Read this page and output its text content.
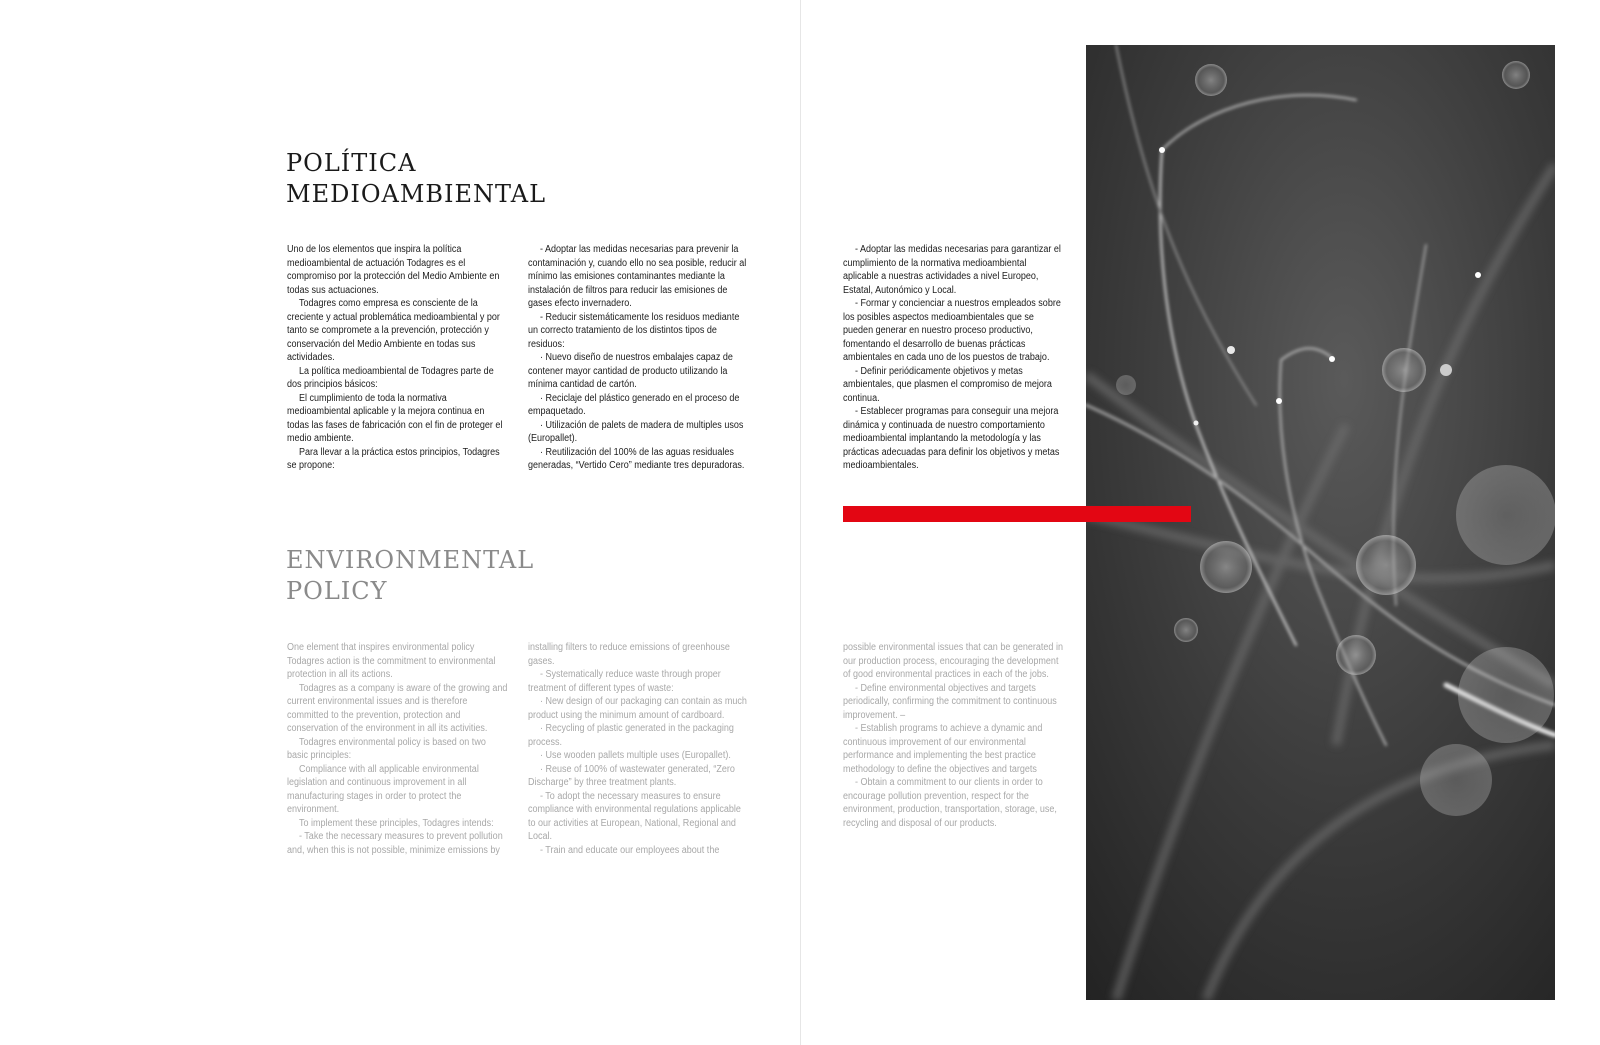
POLÍTICA
MEDIOAMBIENTAL

Uno de los elementos que inspira la política medioambiental de actuación Todagres es el compromiso por la protección del Medio Ambiente en todas sus actuaciones.

Todagres como empresa es consciente de la creciente y actual problemática medioambiental y por tanto se compromete a la prevención, protección y conservación del Medio Ambiente en todas sus actividades.

La política medioambiental de Todagres parte de dos principios básicos:

El cumplimiento de toda la normativa medioambiental aplicable y la mejora continua en todas las fases de fabricación con el fin de proteger el medio ambiente.

Para llevar a la práctica estos principios, Todagres se propone:

- Adoptar las medidas necesarias para prevenir la contaminación y, cuando ello no sea posible, reducir al mínimo las emisiones contaminantes mediante la instalación de filtros para reducir las emisiones de gases efecto invernadero.

- Reducir sistemáticamente los residuos mediante un correcto tratamiento de los distintos tipos de residuos:

· Nuevo diseño de nuestros embalajes capaz de contener mayor cantidad de producto utilizando la mínima cantidad de cartón.

· Reciclaje del plástico generado en el proceso de empaquetado.

· Utilización de palets de madera de multiples usos (Europallet).

· Reutilización del 100% de las aguas residuales generadas, “Vertido Cero” mediante tres depuradoras.

- Adoptar las medidas necesarias para garantizar el cumplimiento de la normativa medioambiental aplicable a nuestras actividades a nivel Europeo, Estatal, Autonómico y Local.

- Formar y concienciar a nuestros empleados sobre los posibles aspectos medioambientales que se pueden generar en nuestro proceso productivo, fomentando el desarrollo de buenas prácticas ambientales en cada uno de los puestos de trabajo.

- Definir periódicamente objetivos y metas ambientales, que plasmen el compromiso de mejora continua.

- Establecer programas para conseguir una mejora dinámica y continuada de nuestro comportamiento medioambiental implantando la metodología y las prácticas adecuadas para definir los objetivos y metas medioambientales.

ENVIRONMENTAL
POLICY

One element that inspires environmental policy Todagres action is the commitment to environmental protection in all its actions.

Todagres as a company is aware of the growing and current environmental issues and is therefore committed to the prevention, protection and conservation of the environment in all its activities.

Todagres environmental policy is based on two basic principles:

Compliance with all applicable environmental legislation and continuous improvement in all manufacturing stages in order to protect the environment.

To implement these principles, Todagres intends:

- Take the necessary measures to prevent pollution and, when this is not possible, minimize emissions by

installing filters to reduce emissions of greenhouse gases.

- Systematically reduce waste through proper treatment of different types of waste:

· New design of our packaging can contain as much product using the minimum amount of cardboard.

· Recycling of plastic generated in the packaging process.

· Use wooden pallets multiple uses (Europallet).

· Reuse of 100% of wastewater generated, “Zero Discharge” by three treatment plants.

- To adopt the necessary measures to ensure compliance with environmental regulations applicable to our activities at European, National, Regional and Local.

- Train and educate our employees about the

possible environmental issues that can be generated in our production process, encouraging the development of good environmental practices in each of the jobs.

- Define environmental objectives and targets periodically, confirming the commitment to continuous improvement. –

- Establish programs to achieve a dynamic and continuous improvement of our environmental performance and implementing the best practice methodology to define the objectives and targets

- Obtain a commitment to our clients in order to encourage pollution prevention, respect for the environment, production, transportation, storage, use, recycling and disposal of our products.
